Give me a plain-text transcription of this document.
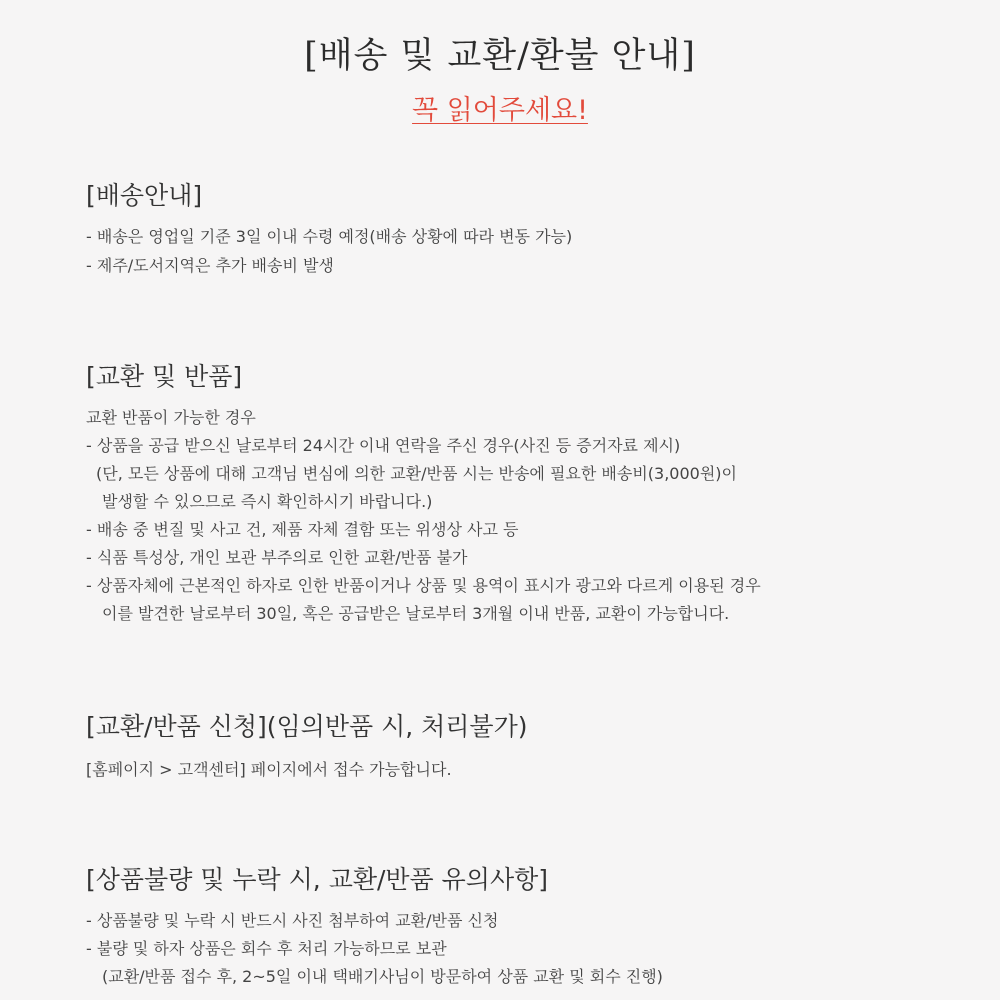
[배송 및 교환/환불 안내]
꼭 읽어주세요!
[배송안내]
- 배송은 영업일 기준 3일 이내 수령 예정(배송 상황에 따라 변동 가능)
- 제주/도서지역은 추가 배송비 발생
[교환 및 반품]
교환 반품이 가능한 경우
- 상품을 공급 받으신 날로부터 24시간 이내 연락을 주신 경우(사진 등 증거자료 제시)
(단, 모든 상품에 대해 고객님 변심에 의한 교환/반품 시는 반송에 필요한 배송비(3,000원)이
발생할 수 있으므로 즉시 확인하시기 바랍니다.)
- 배송 중 변질 및 사고 건, 제품 자체 결함 또는 위생상 사고 등
- 식품 특성상, 개인 보관 부주의로 인한 교환/반품 불가
- 상품자체에 근본적인 하자로 인한 반품이거나 상품 및 용역이 표시가 광고와 다르게 이용된 경우
이를 발견한 날로부터 30일, 혹은 공급받은 날로부터 3개월 이내 반품, 교환이 가능합니다.
[교환/반품 신청](임의반품 시, 처리불가)
[홈페이지 > 고객센터] 페이지에서 접수 가능합니다.
[상품불량 및 누락 시, 교환/반품 유의사항]
- 상품불량 및 누락 시 반드시 사진 첨부하여 교환/반품 신청
- 불량 및 하자 상품은 회수 후 처리 가능하므로 보관
(교환/반품 접수 후, 2~5일 이내 택배기사님이 방문하여 상품 교환 및 회수 진행)
